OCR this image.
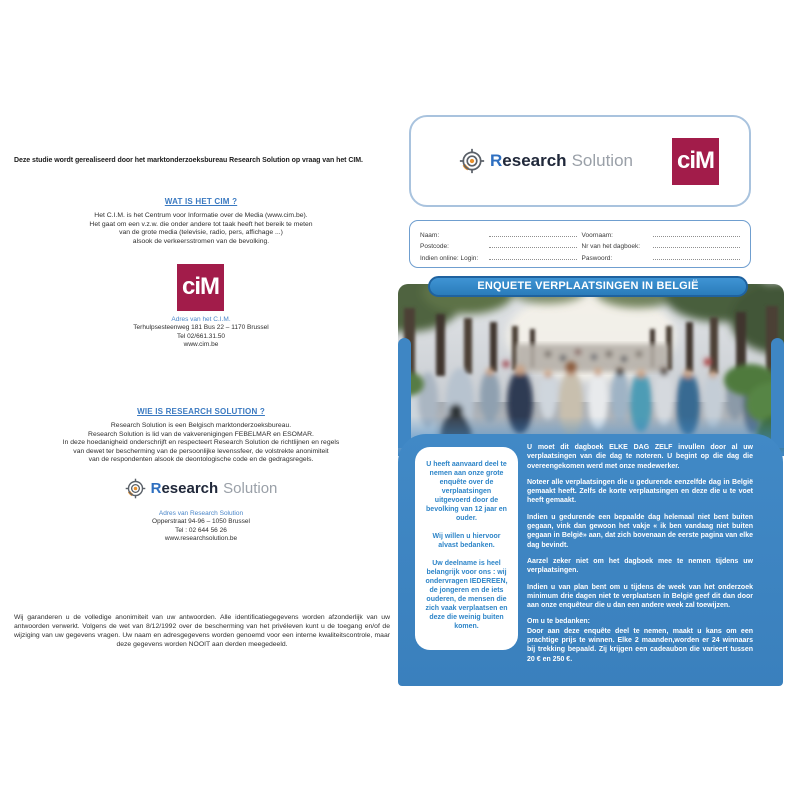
Deze studie wordt gerealiseerd door het marktonderzoeksbureau Research Solution op vraag van het CIM.
WAT IS HET CIM ?
Het C.I.M. is het Centrum voor Informatie over de Media (www.cim.be).
Het gaat om een v.z.w. die onder andere tot taak heeft het bereik te meten
van de grote media (televisie, radio, pers, affichage ...)
alsook de verkeersstromen van de bevolking.
ciM
Adres van het C.I.M.
Terhulpsesteenweg 181 Bus 22 – 1170 Brussel
Tel 02/661.31.50
www.cim.be
WIE IS RESEARCH SOLUTION ?
Research Solution is een Belgisch marktonderzoeksbureau.
Research Solution is lid van de vakverenigingen FEBELMAR en ESOMAR.
In deze hoedanigheid onderschrijft en respecteert Research Solution de richtlijnen en regels
van dewet ter bescherming van de persoonlijke levenssfeer, de volstrekte anonimiteit
van de respondenten alsook de deontologische code en de gedragsregels.
Research Solution
Adres van Research Solution
Opperstraat 94-96 – 1050 Brussel
Tel : 02 644 56 26
www.researchsolution.be
Wij garanderen u de volledige anonimiteit van uw antwoorden. Alle identificatiegegevens worden afzonderlijk van uw antwoorden verwerkt. Volgens de wet van 8/12/1992 over de bescherming van het privéleven kunt u de toegang en/of de wijziging van uw gegevens vragen. Uw naam en adresgegevens worden genoemd voor een interne kwaliteitscontrole, maar deze gegevens worden NOOIT aan derden meegedeeld.
Research Solution ciM
Naam:	Voornaam:
Postcode:	Nr van het dagboek:
Indien online: Login:	Paswoord:
ENQUETE VERPLAATSINGEN IN BELGIË

U heeft aanvaard deel te nemen aan onze grote enquête over de verplaatsingen uitgevoerd door de bevolking van 12 jaar en ouder.

Wij willen u hiervoor alvast bedanken.

Uw deelname is heel belangrijk voor ons : wij ondervragen IEDEREEN, de jongeren en de iets ouderen, de mensen die zich vaak verplaatsen en deze die weinig buiten komen.

U moet dit dagboek ELKE DAG ZELF invullen door al uw verplaatsingen van die dag te noteren. U begint op die dag die overeengekomen werd met onze medewerker.

Noteer alle verplaatsingen die u gedurende eenzelfde dag in België gemaakt heeft. Zelfs de korte verplaatsingen en deze die u te voet heeft gemaakt.

Indien u gedurende een bepaalde dag helemaal niet bent buiten gegaan, vink dan gewoon het vakje « ik ben vandaag niet buiten gegaan in België» aan, dat zich bovenaan de eerste pagina van elke dag bevindt.

Aarzel zeker niet om het dagboek mee te nemen tijdens uw verplaatsingen.

Indien u van plan bent om u tijdens de week van het onderzoek minimum drie dagen niet te verplaatsen in België geef dit dan door aan onze enquêteur die u dan een andere week zal toewijzen.

Om u te bedanken:

Door aan deze enquête deel te nemen, maakt u kans om een prachtige prijs te winnen. Elke 2 maanden,worden er 24 winnaars bij trekking bepaald. Zij krijgen een cadeaubon die varieert tussen 20 € en 250 €.
